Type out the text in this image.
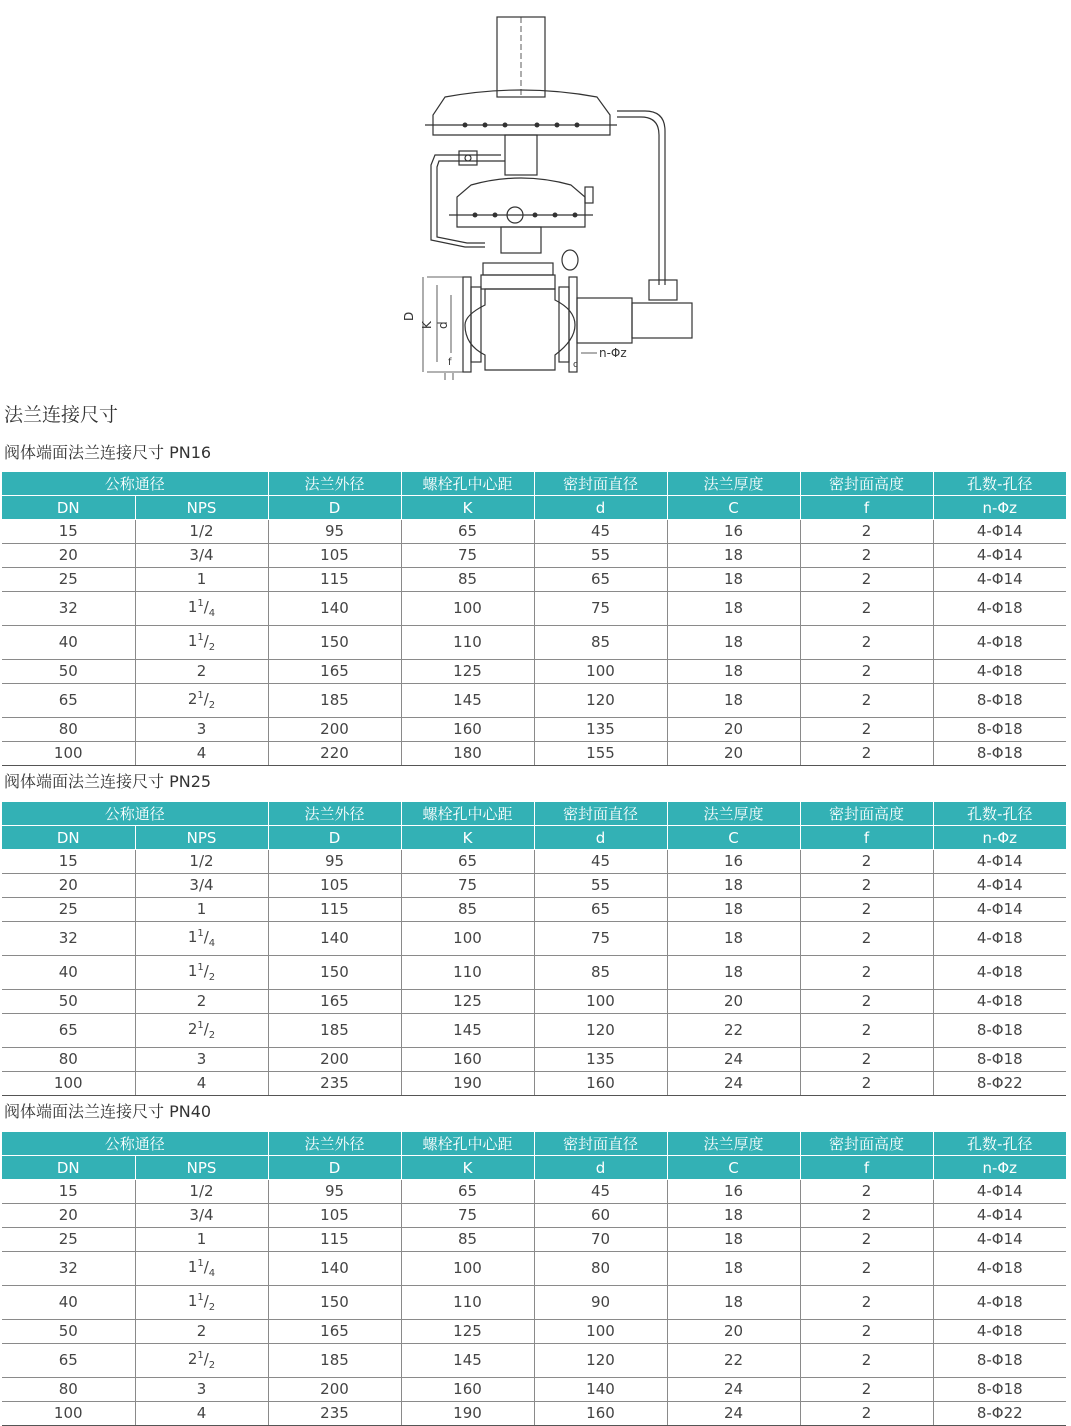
D
K d
f	c
n-Φz
法兰连接尺寸
阀体端面法兰连接尺寸 PN16
公称通径		法兰外径	螺栓孔中心距	密封面直径	法兰厚度	密封面高度	孔数-孔径
DN	NPS	D	K	d	C	f	n-Φz
15	1/2	95	65	45	16	2	4-Φ14
20	3/4	105	75	55	18	2	4-Φ14
25	1	115	85	65	18	2	4-Φ14
32	$1^1/_4$	140	100	75	18	2	4-Φ18
40	$1^1/_2$	150	110	85	18	2	4-Φ18
50	2	165	125	100	18	2	4-Φ18
65	$2^1/_2$	185	145	120	18	2	8-Φ18
80	3	200	160	135	20	2	8-Φ18
100	4	220	180	155	20	2	8-Φ18
阀体端面法兰连接尺寸 PN25
公称通径		法兰外径	螺栓孔中心距	密封面直径	法兰厚度	密封面高度	孔数-孔径
DN	NPS	D	K	d	C	f	n-Φz
15	1/2	95	65	45	16	2	4-Φ14
20	3/4	105	75	55	18	2	4-Φ14
25	1	115	85	65	18	2	4-Φ14
32	$1^1/_4$	140	100	75	18	2	4-Φ18
40	$1^1/_2$	150	110	85	18	2	4-Φ18
50	2	165	125	100	20	2	4-Φ18
65	$2^1/_2$	185	145	120	22	2	8-Φ18
80	3	200	160	135	24	2	8-Φ18
100	4	235	190	160	24	2	8-Φ22
阀体端面法兰连接尺寸 PN40
公称通径		法兰外径	螺栓孔中心距	密封面直径	法兰厚度	密封面高度	孔数-孔径
DN	NPS	D	K	d	C	f	n-Φz
15	1/2	95	65	45	16	2	4-Φ14
20	3/4	105	75	60	18	2	4-Φ14
25	1	115	85	70	18	2	4-Φ14
32	$1^1/_4$	140	100	80	18	2	4-Φ18
40	$1^1/_2$	150	110	90	18	2	4-Φ18
50	2	165	125	100	20	2	4-Φ18
65	$2^1/_2$	185	145	120	22	2	8-Φ18
80	3	200	160	140	24	2	8-Φ18
100	4	235	190	160	24	2	8-Φ22
